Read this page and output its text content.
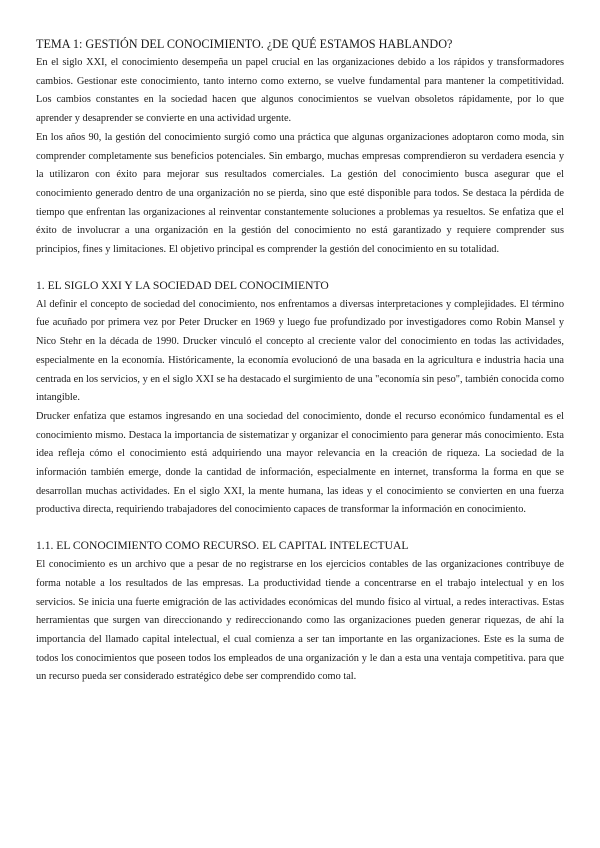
TEMA 1: GESTIÓN DEL CONOCIMIENTO. ¿DE QUÉ ESTAMOS HABLANDO?

En el siglo XXI, el conocimiento desempeña un papel crucial en las organizaciones debido a los rápidos y transformadores cambios. Gestionar este conocimiento, tanto interno como externo, se vuelve fundamental para mantener la competitividad. Los cambios constantes en la sociedad hacen que algunos conocimientos se vuelvan obsoletos rápidamente, por lo que aprender y desaprender se convierte en una actividad urgente.

En los años 90, la gestión del conocimiento surgió como una práctica que algunas organizaciones adoptaron como moda, sin comprender completamente sus beneficios potenciales. Sin embargo, muchas empresas comprendieron su verdadera esencia y la utilizaron con éxito para mejorar sus resultados comerciales. La gestión del conocimiento busca asegurar que el conocimiento generado dentro de una organización no se pierda, sino que esté disponible para todos. Se destaca la pérdida de tiempo que enfrentan las organizaciones al reinventar constantemente soluciones a problemas ya resueltos. Se enfatiza que el éxito de involucrar a una organización en la gestión del conocimiento no está garantizado y requiere comprender sus principios, fines y limitaciones. El objetivo principal es comprender la gestión del conocimiento en su totalidad.

1. EL SIGLO XXI Y LA SOCIEDAD DEL CONOCIMIENTO

Al definir el concepto de sociedad del conocimiento, nos enfrentamos a diversas interpretaciones y complejidades. El término fue acuñado por primera vez por Peter Drucker en 1969 y luego fue profundizado por investigadores como Robin Mansel y Nico Stehr en la década de 1990. Drucker vinculó el concepto al creciente valor del conocimiento en todas las actividades, especialmente en la economía. Históricamente, la economía evolucionó de una basada en la agricultura e industria hacia una centrada en los servicios, y en el siglo XXI se ha destacado el surgimiento de una "economía sin peso", también conocida como intangible.

Drucker enfatiza que estamos ingresando en una sociedad del conocimiento, donde el recurso económico fundamental es el conocimiento mismo. Destaca la importancia de sistematizar y organizar el conocimiento para generar más conocimiento. Esta idea refleja cómo el conocimiento está adquiriendo una mayor relevancia en la creación de riqueza. La sociedad de la información también emerge, donde la cantidad de información, especialmente en internet, transforma la forma en que se desarrollan muchas actividades. En el siglo XXI, la mente humana, las ideas y el conocimiento se convierten en una fuerza productiva directa, requiriendo trabajadores del conocimiento capaces de transformar la información en conocimiento.

1.1. EL CONOCIMIENTO COMO RECURSO. EL CAPITAL INTELECTUAL

El conocimiento es un archivo que a pesar de no registrarse en los ejercicios contables de las organizaciones contribuye de forma notable a los resultados de las empresas. La productividad tiende a concentrarse en el trabajo intelectual y en los servicios. Se inicia una fuerte emigración de las actividades económicas del mundo físico al virtual, a redes interactivas. Estas herramientas que surgen van direccionando y redireccionando como las organizaciones pueden generar riquezas, de ahí la importancia del llamado capital intelectual, el cual comienza a ser tan importante en las organizaciones. Este es la suma de todos los conocimientos que poseen todos los empleados de una organización y le dan a esta una ventaja competitiva. para que un recurso pueda ser considerado estratégico debe ser comprendido como tal.
